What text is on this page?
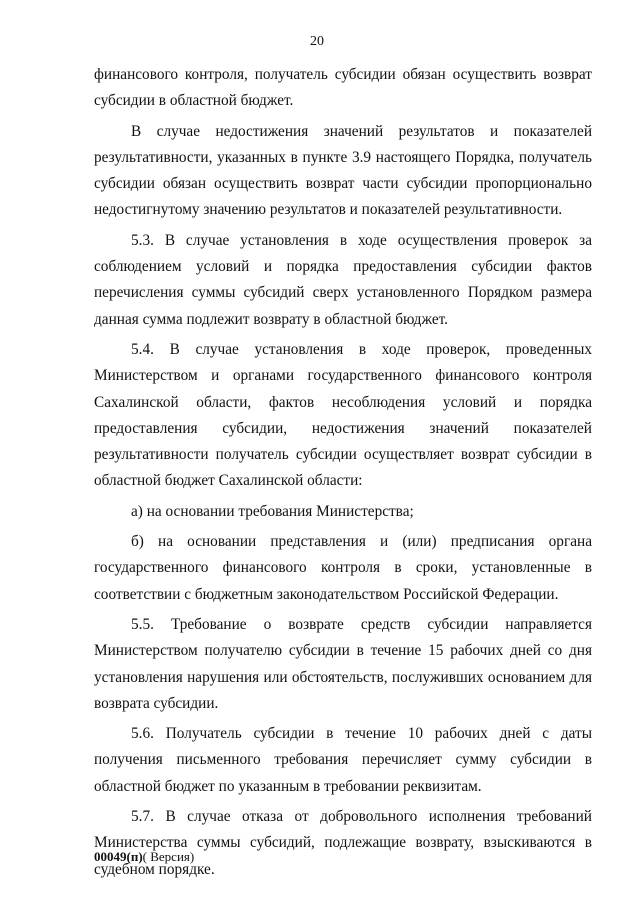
20

финансового контроля, получатель субсидии обязан осуществить возврат субсидии в областной бюджет.

В случае недостижения значений результатов и показателей результативности, указанных в пункте 3.9 настоящего Порядка, получатель субсидии обязан осуществить возврат части субсидии пропорционально недостигнутому значению результатов и показателей результативности.

5.3. В случае установления в ходе осуществления проверок за соблюдением условий и порядка предоставления субсидии фактов перечисления суммы субсидий сверх установленного Порядком размера данная сумма подлежит возврату в областной бюджет.

5.4. В случае установления в ходе проверок, проведенных Министерством и органами государственного финансового контроля Сахалинской области, фактов несоблюдения условий и порядка предоставления субсидии, недостижения значений показателей результативности получатель субсидии осуществляет возврат субсидии в областной бюджет Сахалинской области:

а) на основании требования Министерства;

б) на основании представления и (или) предписания органа государственного финансового контроля в сроки, установленные в соответствии с бюджетным законодательством Российской Федерации.

5.5. Требование о возврате средств субсидии направляется Министерством получателю субсидии в течение 15 рабочих дней со дня установления нарушения или обстоятельств, послуживших основанием для возврата субсидии.

5.6. Получатель субсидии в течение 10 рабочих дней с даты получения письменного требования перечисляет сумму субсидии в областной бюджет по указанным в требовании реквизитам.

5.7. В случае отказа от добровольного исполнения требований Министерства суммы субсидий, подлежащие возврату, взыскиваются в судебном порядке.

00049(п)( Версия)
